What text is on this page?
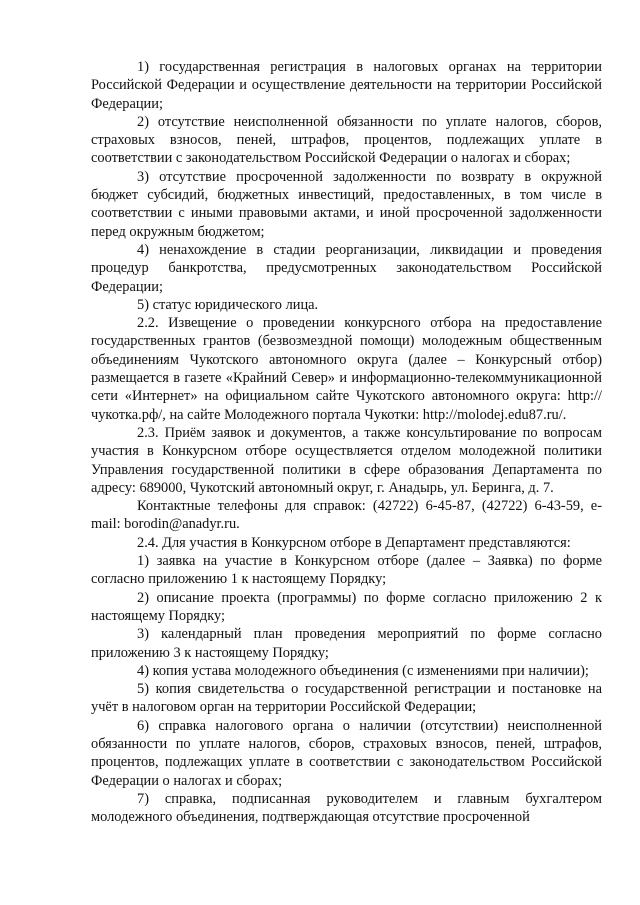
1) государственная регистрация в налоговых органах на территории Российской Федерации и осуществление деятельности на территории Российской Федерации;

2) отсутствие неисполненной обязанности по уплате налогов, сборов, страховых взносов, пеней, штрафов, процентов, подлежащих уплате в соответствии с законодательством Российской Федерации о налогах и сборах;

3) отсутствие просроченной задолженности по возврату в окружной бюджет субсидий, бюджетных инвестиций, предоставленных, в том числе в соответствии с иными правовыми актами, и иной просроченной задолженности перед окружным бюджетом;

4) ненахождение в стадии реорганизации, ликвидации и проведения процедур банкротства, предусмотренных законодательством Российской Федерации;

5) статус юридического лица.

2.2. Извещение о проведении конкурсного отбора на предоставление государственных грантов (безвозмездной помощи) молодежным общественным объединениям Чукотского автономного округа (далее – Конкурсный отбор) размещается в газете «Крайний Север» и информационно-телекоммуникационной сети «Интернет» на официальном сайте Чукотского автономного округа: http://чукотка.рф/, на сайте Молодежного портала Чукотки: http://molodej.edu87.ru/.

2.3. Приём заявок и документов, а также консультирование по вопросам участия в Конкурсном отборе осуществляется отделом молодежной политики Управления государственной политики в сфере образования Департамента по адресу: 689000, Чукотский автономный округ, г. Анадырь, ул. Беринга, д. 7.

Контактные телефоны для справок: (42722) 6-45-87, (42722) 6-43-59, e-mail: borodin@anadyr.ru.

2.4. Для участия в Конкурсном отборе в Департамент представляются:

1) заявка на участие в Конкурсном отборе (далее – Заявка) по форме согласно приложению 1 к настоящему Порядку;

2) описание проекта (программы) по форме согласно приложению 2 к настоящему Порядку;

3) календарный план проведения мероприятий по форме согласно приложению 3 к настоящему Порядку;

4) копия устава молодежного объединения (с изменениями при наличии);

5) копия свидетельства о государственной регистрации и постановке на учёт в налоговом орган на территории Российской Федерации;

6) справка налогового органа о наличии (отсутствии) неисполненной обязанности по уплате налогов, сборов, страховых взносов, пеней, штрафов, процентов, подлежащих уплате в соответствии с законодательством Российской Федерации о налогах и сборах;

7) справка, подписанная руководителем и главным бухгалтером молодежного объединения, подтверждающая отсутствие просроченной
